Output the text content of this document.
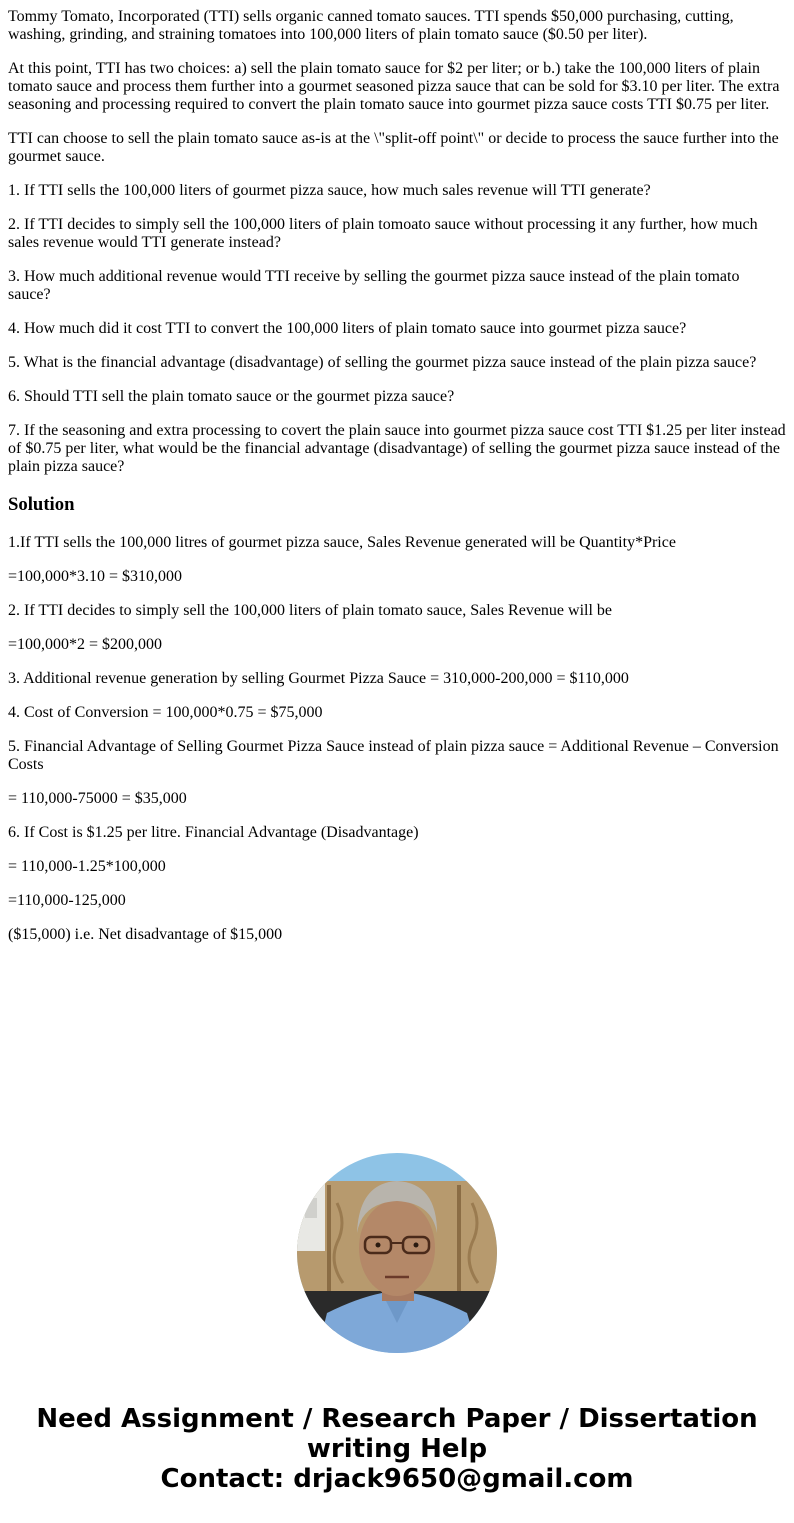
Tommy Tomato, Incorporated (TTI) sells organic canned tomato sauces. TTI spends $50,000 purchasing, cutting, washing, grinding, and straining tomatoes into 100,000 liters of plain tomato sauce ($0.50 per liter).

At this point, TTI has two choices: a) sell the plain tomato sauce for $2 per liter; or b.) take the 100,000 liters of plain tomato sauce and process them further into a gourmet seasoned pizza sauce that can be sold for $3.10 per liter. The extra seasoning and processing required to convert the plain tomato sauce into gourmet pizza sauce costs TTI $0.75 per liter.

TTI can choose to sell the plain tomato sauce as-is at the \"split-off point\" or decide to process the sauce further into the gourmet sauce.

1. If TTI sells the 100,000 liters of gourmet pizza sauce, how much sales revenue will TTI generate?

2. If TTI decides to simply sell the 100,000 liters of plain tomoato sauce without processing it any further, how much sales revenue would TTI generate instead?

3. How much additional revenue would TTI receive by selling the gourmet pizza sauce instead of the plain tomato sauce?

4. How much did it cost TTI to convert the 100,000 liters of plain tomato sauce into gourmet pizza sauce?

5. What is the financial advantage (disadvantage) of selling the gourmet pizza sauce instead of the plain pizza sauce?

6. Should TTI sell the plain tomato sauce or the gourmet pizza sauce?

7. If the seasoning and extra processing to covert the plain sauce into gourmet pizza sauce cost TTI $1.25 per liter instead of $0.75 per liter, what would be the financial advantage (disadvantage) of selling the gourmet pizza sauce instead of the plain pizza sauce?

Solution

1.If TTI sells the 100,000 litres of gourmet pizza sauce, Sales Revenue generated will be Quantity*Price

=100,000*3.10 = $310,000

2. If TTI decides to simply sell the 100,000 liters of plain tomato sauce, Sales Revenue will be

=100,000*2 = $200,000

3. Additional revenue generation by selling Gourmet Pizza Sauce = 310,000-200,000 = $110,000

4. Cost of Conversion = 100,000*0.75 = $75,000

5. Financial Advantage of Selling Gourmet Pizza Sauce instead of plain pizza sauce = Additional Revenue – Conversion Costs

= 110,000-75000 = $35,000

6. If Cost is $1.25 per litre. Financial Advantage (Disadvantage)

= 110,000-1.25*100,000

=110,000-125,000

($15,000) i.e. Net disadvantage of $15,000

Need Assignment / Research Paper / Dissertation
writing Help
Contact: drjack9650@gmail.com
